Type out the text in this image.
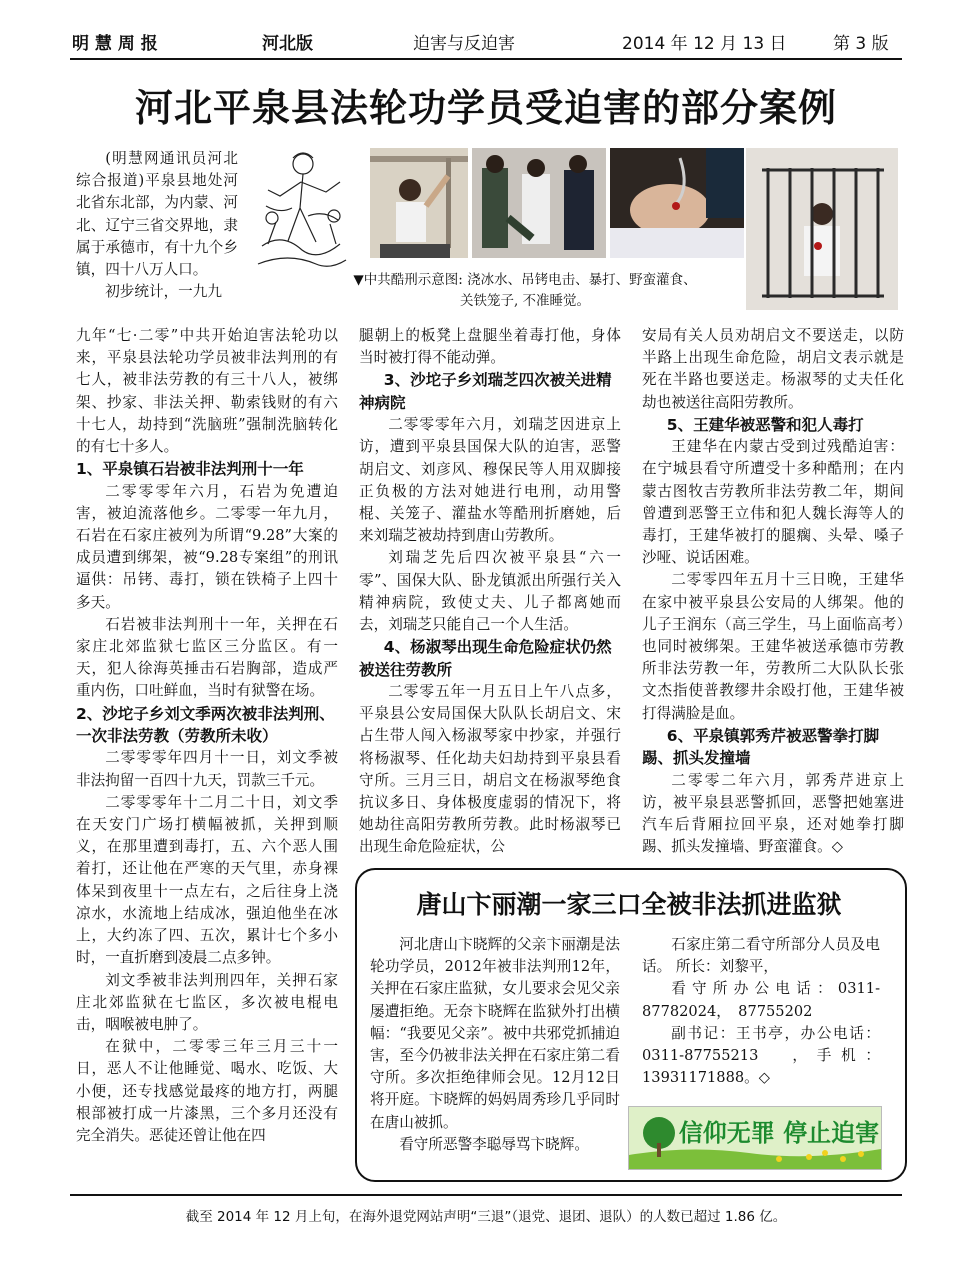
明 慧 周 报	河北版	迫害与反迫害	2014 年 12 月 13 日	第 3 版
河北平泉县法轮功学员受迫害的部分案例
▼中共酷刑示意图: 浇冰水、吊铐电击、暴打、野蛮灌食、
关铁笼子, 不准睡觉。

(明慧网通讯员河北综合报道)平泉县地处河北省东北部，为内蒙、河北、辽宁三省交界地，隶属于承德市，有十九个乡镇，四十八万人口。

初步统计，一九九

九年“七·二零”中共开始迫害法轮功以来，平泉县法轮功学员被非法判刑的有七人，被非法劳教的有三十八人，被绑架、抄家、非法关押、勒索钱财的有六十七人，劫持到“洗脑班”强制洗脑转化的有七十多人。

1、平泉镇石岩被非法判刑十一年

二零零零年六月，石岩为免遭迫害，被迫流落他乡。二零零一年九月，石岩在石家庄被列为所谓“9.28”大案的成员遭到绑架，被“9.28专案组”的刑讯逼供：吊铐、毒打，锁在铁椅子上四十多天。

石岩被非法判刑十一年，关押在石家庄北郊监狱七监区三分监区。有一天，犯人徐海英捶击石岩胸部，造成严重内伤，口吐鲜血，当时有狱警在场。

2、沙坨子乡刘文季两次被非法判刑、一次非法劳教（劳教所未收）

二零零零年四月十一日，刘文季被非法拘留一百四十九天，罚款三千元。

二零零零年十二月二十日，刘文季在天安门广场打横幅被抓，关押到顺义，在那里遭到毒打，五、六个恶人围着打，还让他在严寒的天气里，赤身裸体呆到夜里十一点左右，之后往身上浇凉水，水流地上结成冰，强迫他坐在冰上，大约冻了四、五次，累计七个多小时，一直折磨到凌晨二点多钟。

刘文季被非法判刑四年，关押石家庄北郊监狱在七监区，多次被电棍电击，咽喉被电肿了。

在狱中，二零零三年三月三十一日，恶人不让他睡觉、喝水、吃饭、大小便，还专找感觉最疼的地方打，两腿根部被打成一片漆黑，三个多月还没有完全消失。恶徒还曾让他在四

腿朝上的板凳上盘腿坐着毒打他，身体当时被打得不能动弹。

3、沙坨子乡刘瑞芝四次被关进精神病院

二零零零年六月，刘瑞芝因进京上访，遭到平泉县国保大队的迫害，恶警胡启文、刘彦风、穆保民等人用双脚接正负极的方法对她进行电刑，动用警棍、关笼子、灌盐水等酷刑折磨她，后来刘瑞芝被劫持到唐山劳教所。

刘瑞芝先后四次被平泉县“六一零”、国保大队、卧龙镇派出所强行关入精神病院，致使丈夫、儿子都离她而去，刘瑞芝只能自己一个人生活。

4、杨淑琴出现生命危险症状仍然被送往劳教所

二零零五年一月五日上午八点多，平泉县公安局国保大队队长胡启文、宋占生带人闯入杨淑琴家中抄家，并强行将杨淑琴、任化劫夫妇劫持到平泉县看守所。三月三日，胡启文在杨淑琴绝食抗议多日、身体极度虚弱的情况下，将她劫往高阳劳教所劳教。此时杨淑琴已出现生命危险症状，公

安局有关人员劝胡启文不要送走，以防半路上出现生命危险，胡启文表示就是死在半路也要送走。杨淑琴的丈夫任化劫也被送往高阳劳教所。

5、王建华被恶警和犯人毒打

王建华在内蒙古受到过残酷迫害：在宁城县看守所遭受十多种酷刑；在内蒙古图牧吉劳教所非法劳教二年，期间曾遭到恶警王立伟和犯人魏长海等人的毒打，王建华被打的腿瘸、头晕、嗓子沙哑、说话困难。

二零零四年五月十三日晚，王建华在家中被平泉县公安局的人绑架。他的儿子王润东（高三学生，马上面临高考）也同时被绑架。王建华被送承德市劳教所非法劳教一年，劳教所二大队队长张文杰指使普教缪井余殴打他，王建华被打得满脸是血。

6、平泉镇郭秀芹被恶警拳打脚踢、抓头发撞墙

二零零二年六月，郭秀芹进京上访，被平泉县恶警抓回，恶警把她塞进汽车后背厢拉回平泉，还对她拳打脚踢、抓头发撞墙、野蛮灌食。◇

唐山卞丽潮一家三口全被非法抓进监狱

河北唐山卞晓辉的父亲卞丽潮是法轮功学员，2012年被非法判刑12年，关押在石家庄监狱，女儿要求会见父亲屡遭拒绝。无奈卞晓辉在监狱外打出横幅：“我要见父亲”。被中共邪党抓捕迫害，至今仍被非法关押在石家庄第二看守所。多次拒绝律师会见。12月12日将开庭。卞晓辉的妈妈周秀珍几乎同时在唐山被抓。

看守所恶警李聪辱骂卞晓辉。

石家庄第二看守所部分人员及电话。 所长：刘黎平，

看守所办公电话：0311-87782024，　87755202

副书记：王书亭，办公电话：0311-87755213　，手机：13931171888。◇

信仰无罪 停止迫害
截至 2014 年 12 月上旬，在海外退党网站声明“三退”（退党、退团、退队）的人数已超过 1.86 亿。
